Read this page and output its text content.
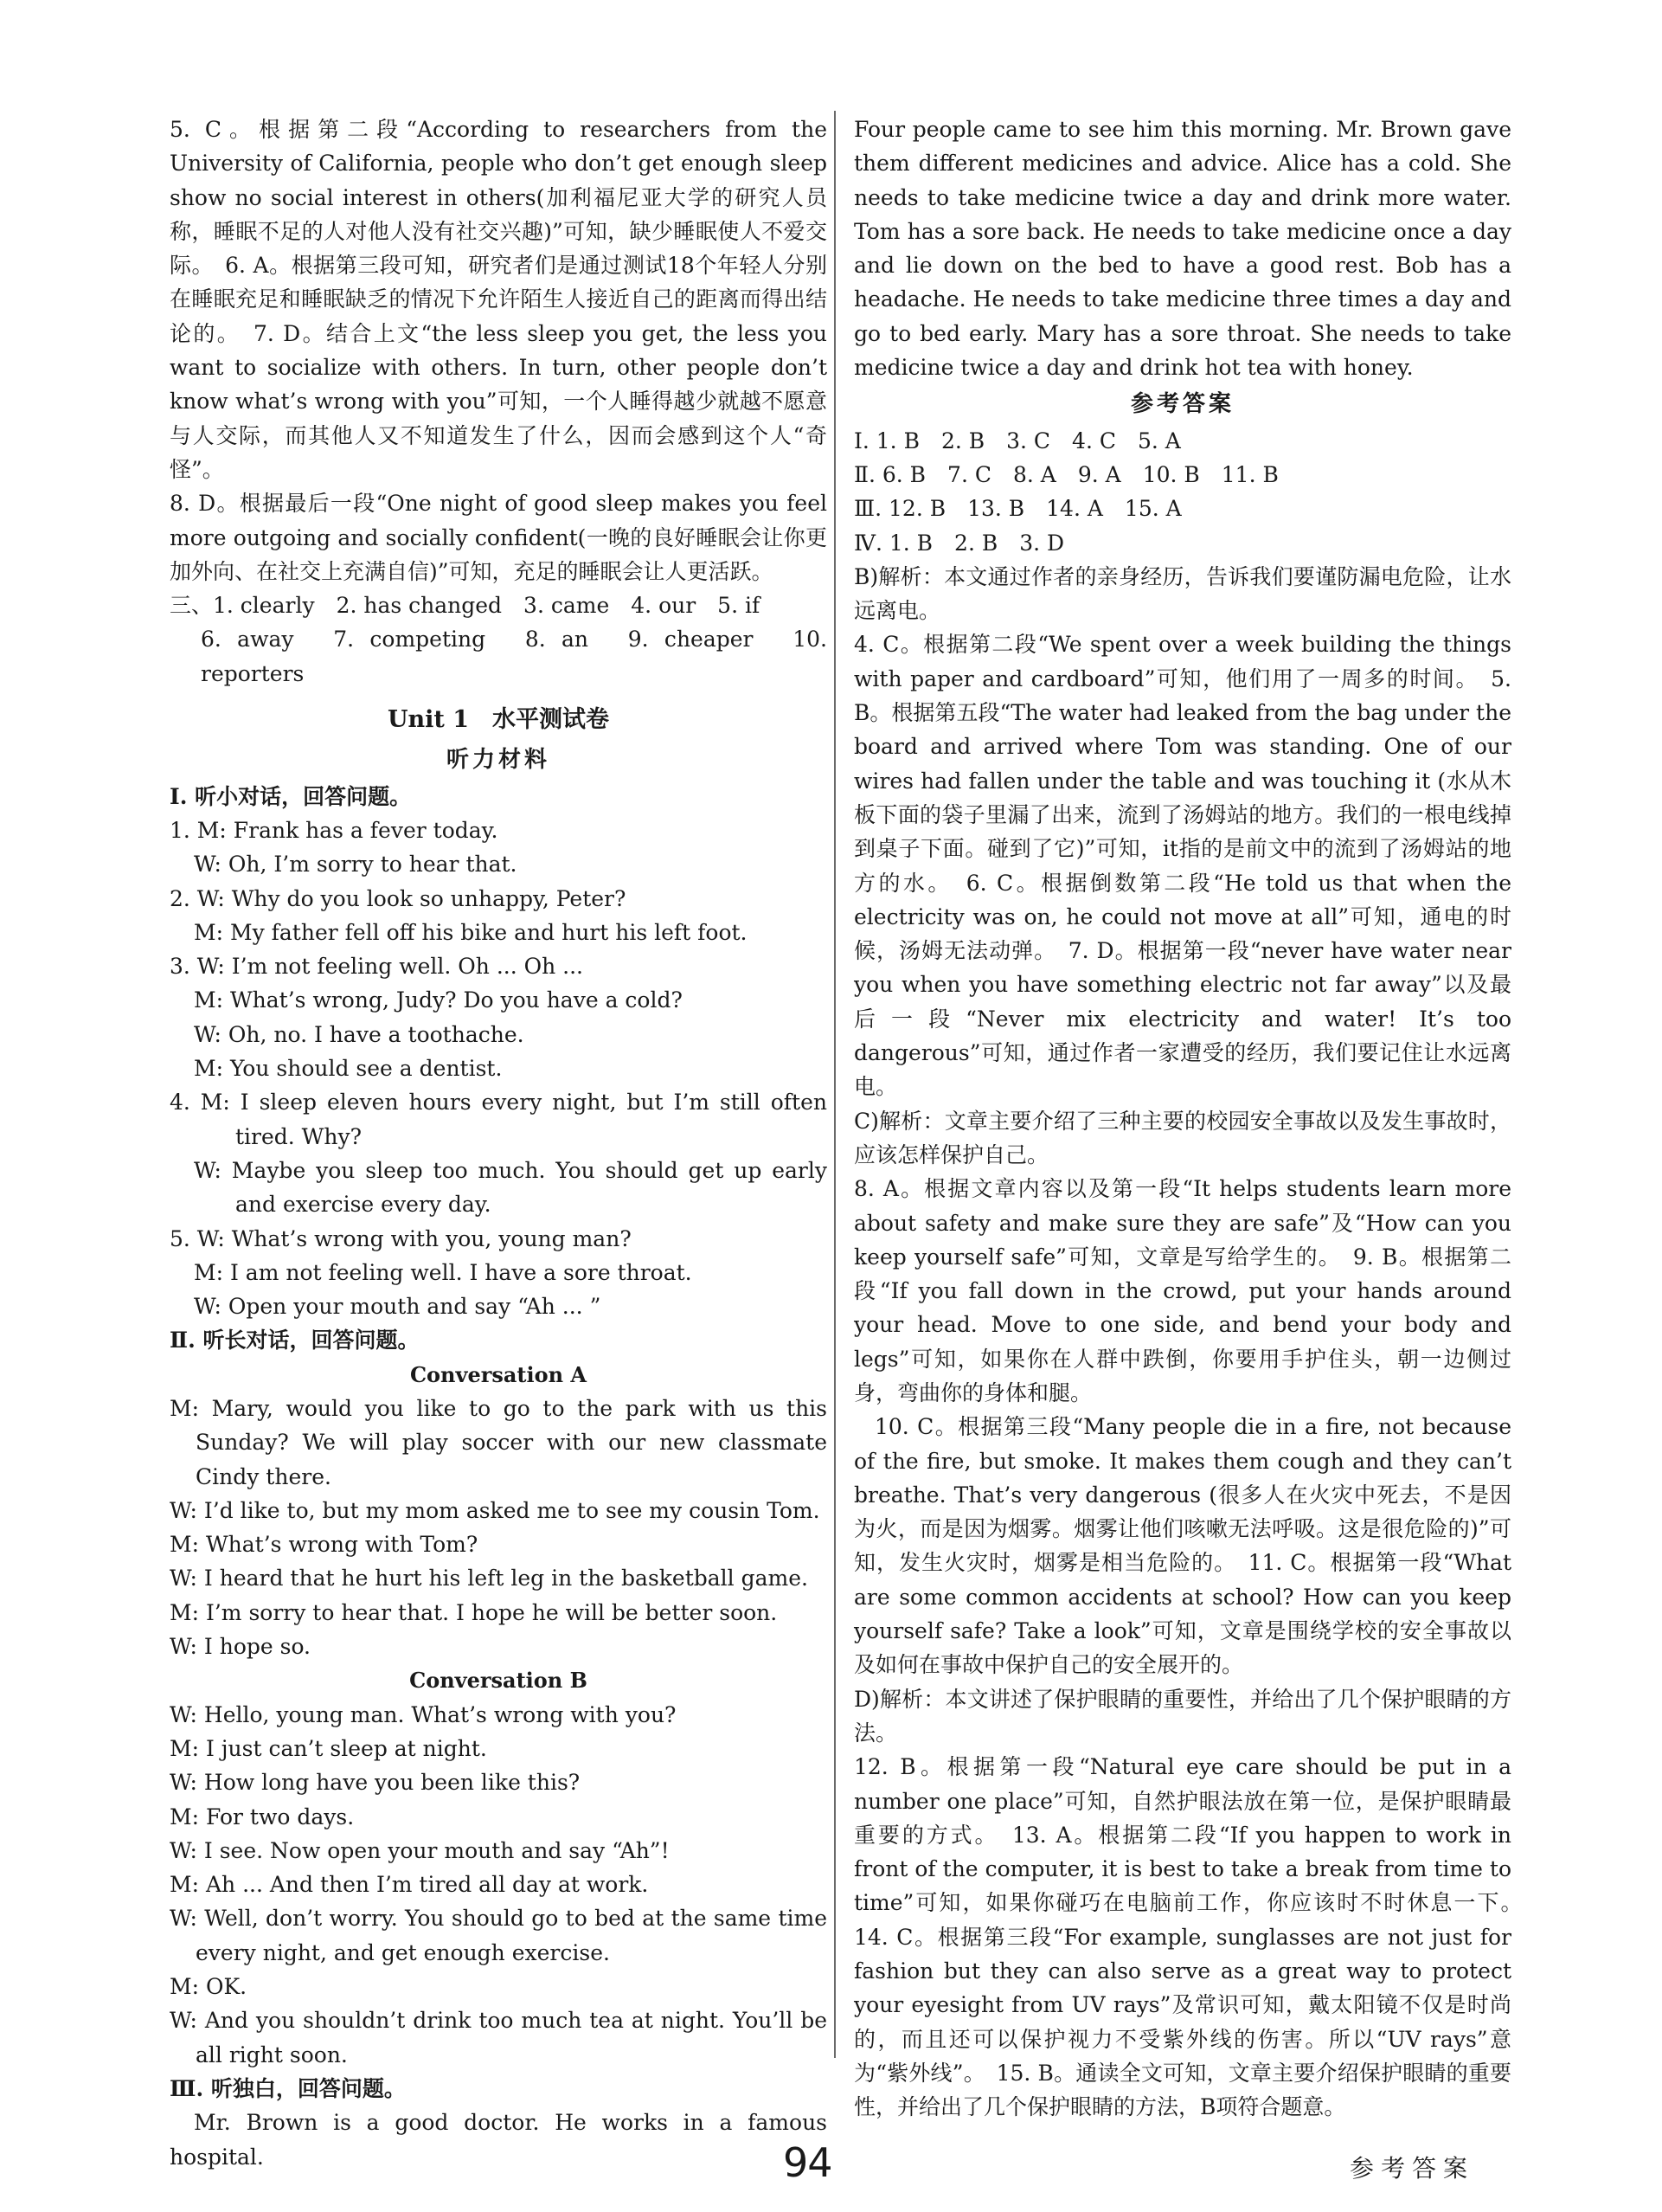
5. C。根据第二段“According to researchers from the University of California, people who don’t get enough sleep show no social interest in others(加利福尼亚大学的研究人员称，睡眠不足的人对他人没有社交兴趣)”可知，缺少睡眠使人不爱交际。　6. A。根据第三段可知，研究者们是通过测试18个年轻人分别在睡眠充足和睡眠缺乏的情况下允许陌生人接近自己的距离而得出结论的。　7. D。结合上文“the less sleep you get, the less you want to socialize with others. In turn, other people don’t know what’s wrong with you”可知，一个人睡得越少就越不愿意与人交际，而其他人又不知道发生了什么，因而会感到这个人“奇怪”。

8. D。根据最后一段“One night of good sleep makes you feel more outgoing and socially confident(一晚的良好睡眠会让你更加外向、在社交上充满自信)”可知，充足的睡眠会让人更活跃。

三、1. clearly　2. has changed　3. came　4. our　5. if

6. away　7. competing　8. an　9. cheaper　10. reporters

Unit 1　水平测试卷
听力材料
Ⅰ. 听小对话，回答问题。
1. M: Frank has a fever today.
W: Oh, I’m sorry to hear that.
2. W: Why do you look so unhappy, Peter?
M: My father fell off his bike and hurt his left foot.
3. W: I’m not feeling well. Oh ... Oh ...
M: What’s wrong, Judy? Do you have a cold?
W: Oh, no. I have a toothache.
M: You should see a dentist.
4. M: I sleep eleven hours every night, but I’m still often tired. Why?
W: Maybe you sleep too much. You should get up early and exercise every day.
5. W: What’s wrong with you, young man?
M: I am not feeling well. I have a sore throat.
W: Open your mouth and say “Ah ... ”
Ⅱ. 听长对话，回答问题。
Conversation A
M: Mary, would you like to go to the park with us this Sunday? We will play soccer with our new classmate Cindy there.
W: I’d like to, but my mom asked me to see my cousin Tom.
M: What’s wrong with Tom?
W: I heard that he hurt his left leg in the basketball game.
M: I’m sorry to hear that. I hope he will be better soon.
W: I hope so.
Conversation B
W: Hello, young man. What’s wrong with you?
M: I just can’t sleep at night.
W: How long have you been like this?
M: For two days.
W: I see. Now open your mouth and say “Ah”!
M: Ah ... And then I’m tired all day at work.
W: Well, don’t worry. You should go to bed at the same time every night, and get enough exercise.
M: OK.
W: And you shouldn’t drink too much tea at night. You’ll be all right soon.
Ⅲ. 听独白，回答问题。

Mr. Brown is a good doctor. He works in a famous hospital.

Four people came to see him this morning. Mr. Brown gave them different medicines and advice. Alice has a cold. She needs to take medicine twice a day and drink more water. Tom has a sore back. He needs to take medicine once a day and lie down on the bed to have a good rest. Bob has a headache. He needs to take medicine three times a day and go to bed early. Mary has a sore throat. She needs to take medicine twice a day and drink hot tea with honey.

参考答案
Ⅰ. 1. B　2. B　3. C　4. C　5. A
Ⅱ. 6. B　7. C　8. A　9. A　10. B　11. B
Ⅲ. 12. B　13. B　14. A　15. A
Ⅳ. 1. B　2. B　3. D

B)解析：本文通过作者的亲身经历，告诉我们要谨防漏电危险，让水远离电。

4. C。根据第二段“We spent over a week building the things with paper and cardboard”可知，他们用了一周多的时间。　5. B。根据第五段“The water had leaked from the bag under the board and arrived where Tom was standing. One of our wires had fallen under the table and was touching it (水从木板下面的袋子里漏了出来，流到了汤姆站的地方。我们的一根电线掉到桌子下面。碰到了它)”可知，it指的是前文中的流到了汤姆站的地方的水。　6. C。根据倒数第二段“He told us that when the electricity was on, he could not move at all”可知，通电的时候，汤姆无法动弹。　7. D。根据第一段“never have water near you when you have something electric not far away”以及最后一段“Never mix electricity and water! It’s too dangerous”可知，通过作者一家遭受的经历，我们要记住让水远离电。

C)解析：文章主要介绍了三种主要的校园安全事故以及发生事故时，应该怎样保护自己。

8. A。根据文章内容以及第一段“It helps students learn more about safety and make sure they are safe”及“How can you keep yourself safe”可知，文章是写给学生的。　9. B。根据第二段“If you fall down in the crowd, put your hands around your head. Move to one side, and bend your body and legs”可知，如果你在人群中跌倒，你要用手护住头，朝一边侧过身，弯曲你的身体和腿。

10. C。根据第三段“Many people die in a fire, not because of the fire, but smoke. It makes them cough and they can’t breathe. That’s very dangerous (很多人在火灾中死去，不是因为火，而是因为烟雾。烟雾让他们咳嗽无法呼吸。这是很危险的)”可知，发生火灾时，烟雾是相当危险的。　11. C。根据第一段“What are some common accidents at school? How can you keep yourself safe? Take a look”可知，文章是围绕学校的安全事故以及如何在事故中保护自己的安全展开的。

D)解析：本文讲述了保护眼睛的重要性，并给出了几个保护眼睛的方法。

12. B。根据第一段“Natural eye care should be put in a number one place”可知，自然护眼法放在第一位，是保护眼睛最重要的方式。　13. A。根据第二段“If you happen to work in front of the computer, it is best to take a break from time to time”可知，如果你碰巧在电脑前工作，你应该时不时休息一下。　14. C。根据第三段“For example, sunglasses are not just for fashion but they can also serve as a great way to protect your eyesight from UV rays”及常识可知，戴太阳镜不仅是时尚的，而且还可以保护视力不受紫外线的伤害。所以“UV rays”意为“紫外线”。　15. B。通读全文可知，文章主要介绍保护眼睛的重要性，并给出了几个保护眼睛的方法，B项符合题意。

94	参考答案
